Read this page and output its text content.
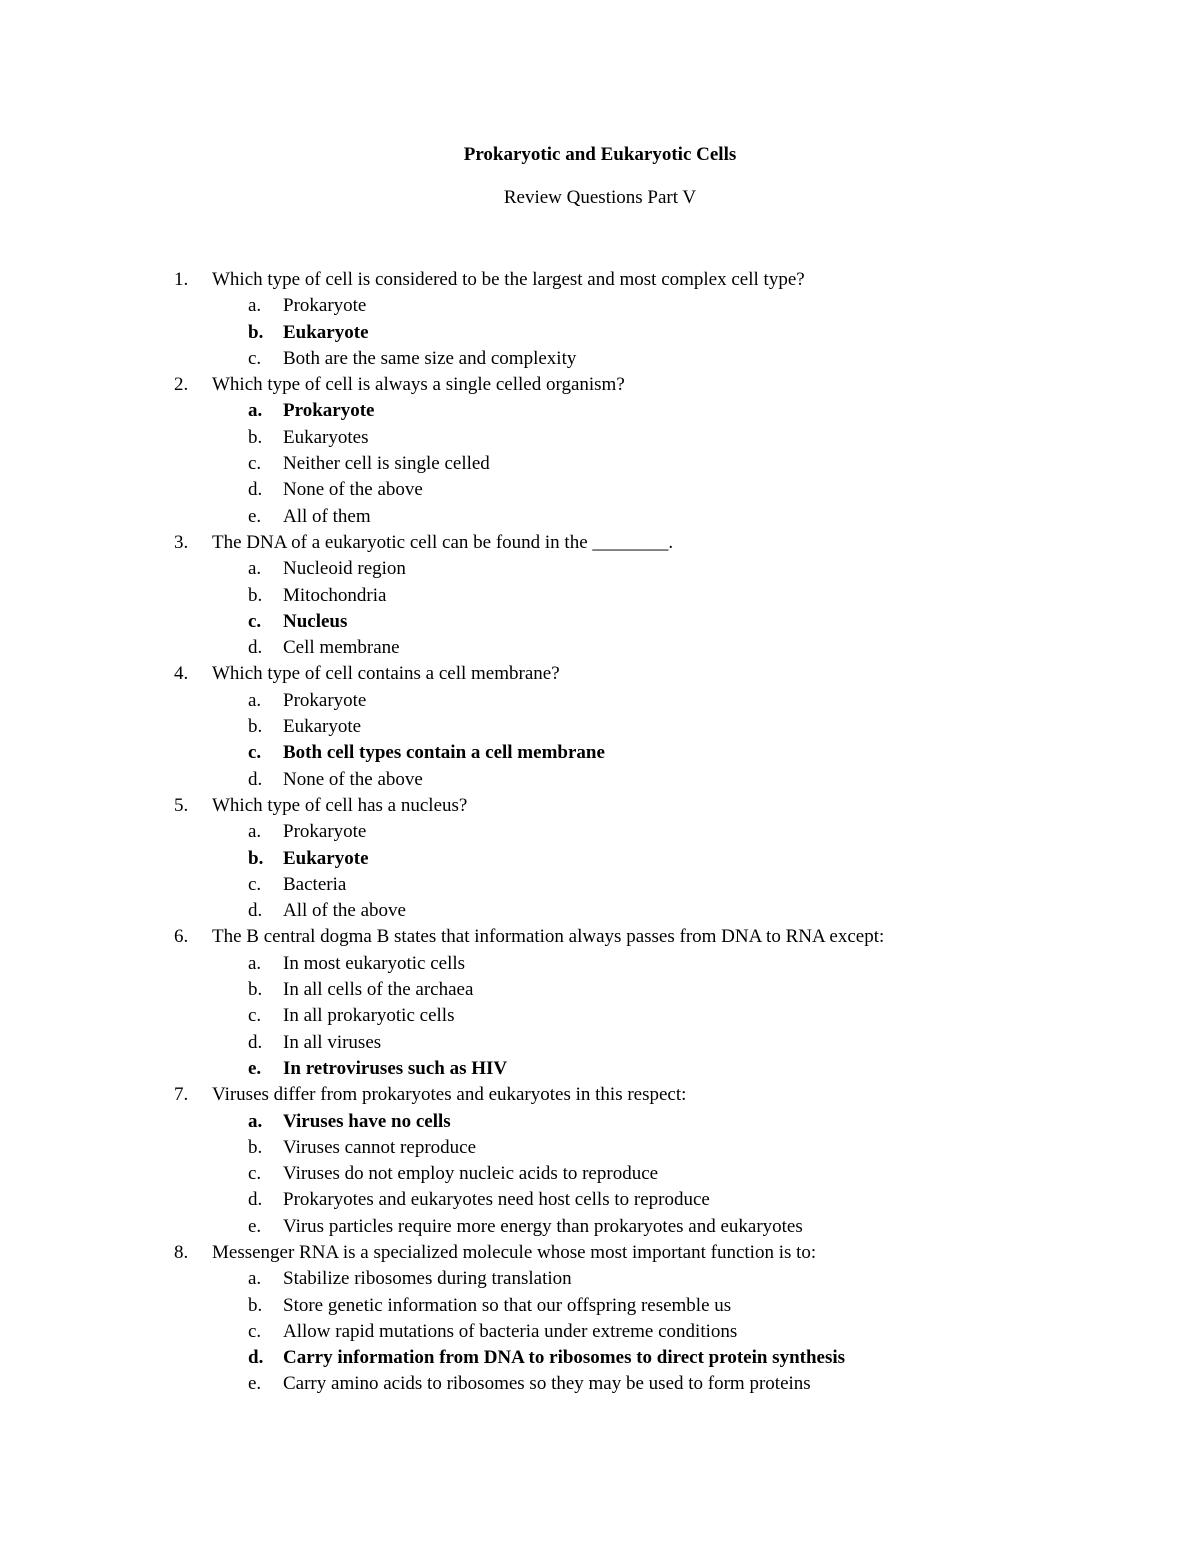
Prokaryotic and Eukaryotic Cells
Review Questions Part V
1. Which type of cell is considered to be the largest and most complex cell type?
a. Prokaryote
b. Eukaryote
c. Both are the same size and complexity
2. Which type of cell is always a single celled organism?
a. Prokaryote
b. Eukaryotes
c. Neither cell is single celled
d. None of the above
e. All of them
3. The DNA of a eukaryotic cell can be found in the ________.
a. Nucleoid region
b. Mitochondria
c. Nucleus
d. Cell membrane
4. Which type of cell contains a cell membrane?
a. Prokaryote
b. Eukaryote
c. Both cell types contain a cell membrane
d. None of the above
5. Which type of cell has a nucleus?
a. Prokaryote
b. Eukaryote
c. Bacteria
d. All of the above
6. The B central dogma B states that information always passes from DNA to RNA except:
a. In most eukaryotic cells
b. In all cells of the archaea
c. In all prokaryotic cells
d. In all viruses
e. In retroviruses such as HIV
7. Viruses differ from prokaryotes and eukaryotes in this respect:
a. Viruses have no cells
b. Viruses cannot reproduce
c. Viruses do not employ nucleic acids to reproduce
d. Prokaryotes and eukaryotes need host cells to reproduce
e. Virus particles require more energy than prokaryotes and eukaryotes
8. Messenger RNA is a specialized molecule whose most important function is to:
a. Stabilize ribosomes during translation
b. Store genetic information so that our offspring resemble us
c. Allow rapid mutations of bacteria under extreme conditions
d. Carry information from DNA to ribosomes to direct protein synthesis
e. Carry amino acids to ribosomes so they may be used to form proteins
